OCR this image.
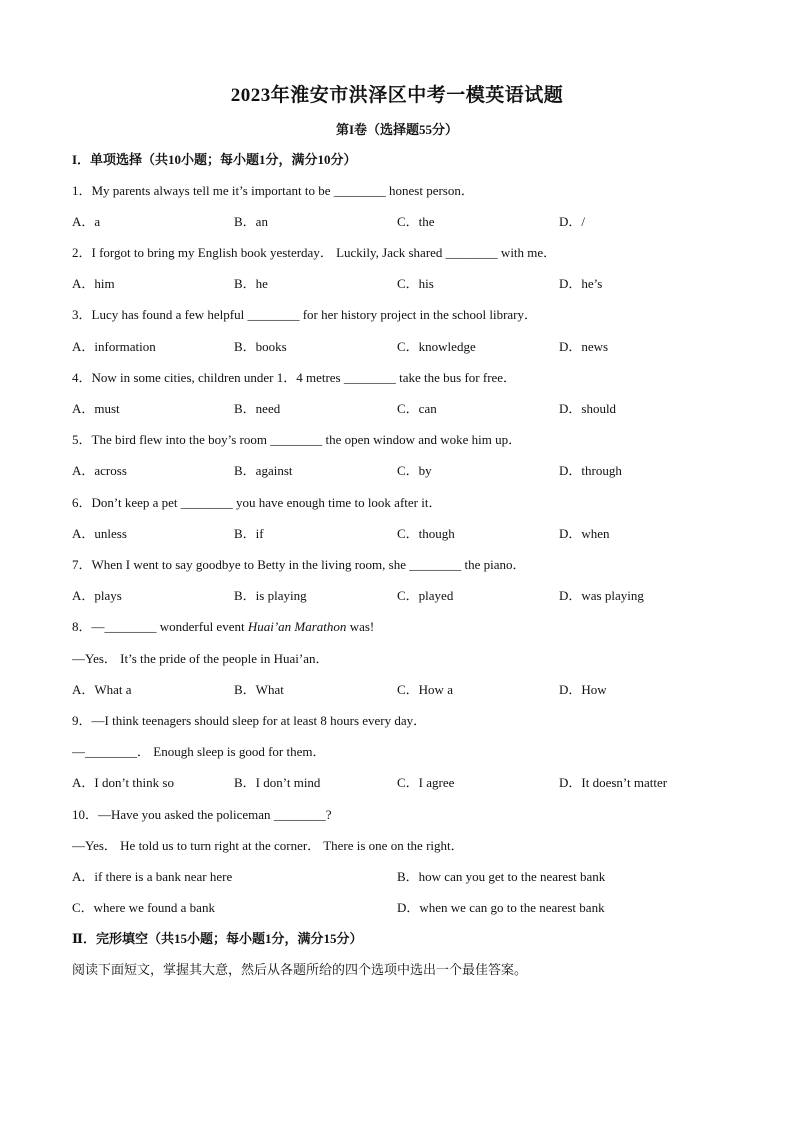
2023年淮安市洪泽区中考一模英语试题
第I卷（选择题55分）
I．单项选择（共10小题；每小题1分，满分10分）
1．My parents always tell me it’s important to be ________ honest person．
A．a	B．an	C．the	D．/
2．I forgot to bring my English book yesterday． Luckily, Jack shared ________ with me．
A．him	B．he	C．his	D．he’s
3．Lucy has found a few helpful ________ for her history project in the school library．
A．information	B．books	C．knowledge	D．news
4．Now in some cities, children under 1．4 metres ________ take the bus for free．
A．must	B．need	C．can	D．should
5．The bird flew into the boy’s room ________ the open window and woke him up．
A．across	B．against	C．by	D．through
6．Don’t keep a pet ________ you have enough time to look after it．
A．unless	B．if	C．though	D．when
7．When I went to say goodbye to Betty in the living room, she ________ the piano．
A．plays	B．is playing	C．played	D．was playing
8．—________ wonderful event Huai’an Marathon was!
—Yes． It’s the pride of the people in Huai’an．
A．What a	B．What	C．How a	D．How
9．—I think teenagers should sleep for at least 8 hours every day．
—________． Enough sleep is good for them．
A．I don’t think so	B．I don’t mind	C．I agree	D．It doesn’t matter
10．—Have you asked the policeman ________?
—Yes． He told us to turn right at the corner． There is one on the right．
A．if there is a bank near here	B．how can you get to the nearest bank
C．where we found a bank	D．when we can go to the nearest bank
Ⅱ．完形填空（共15小题；每小题1分，满分15分）
阅读下面短文，掌握其大意，然后从各题所给的四个选项中选出一个最佳答案。
